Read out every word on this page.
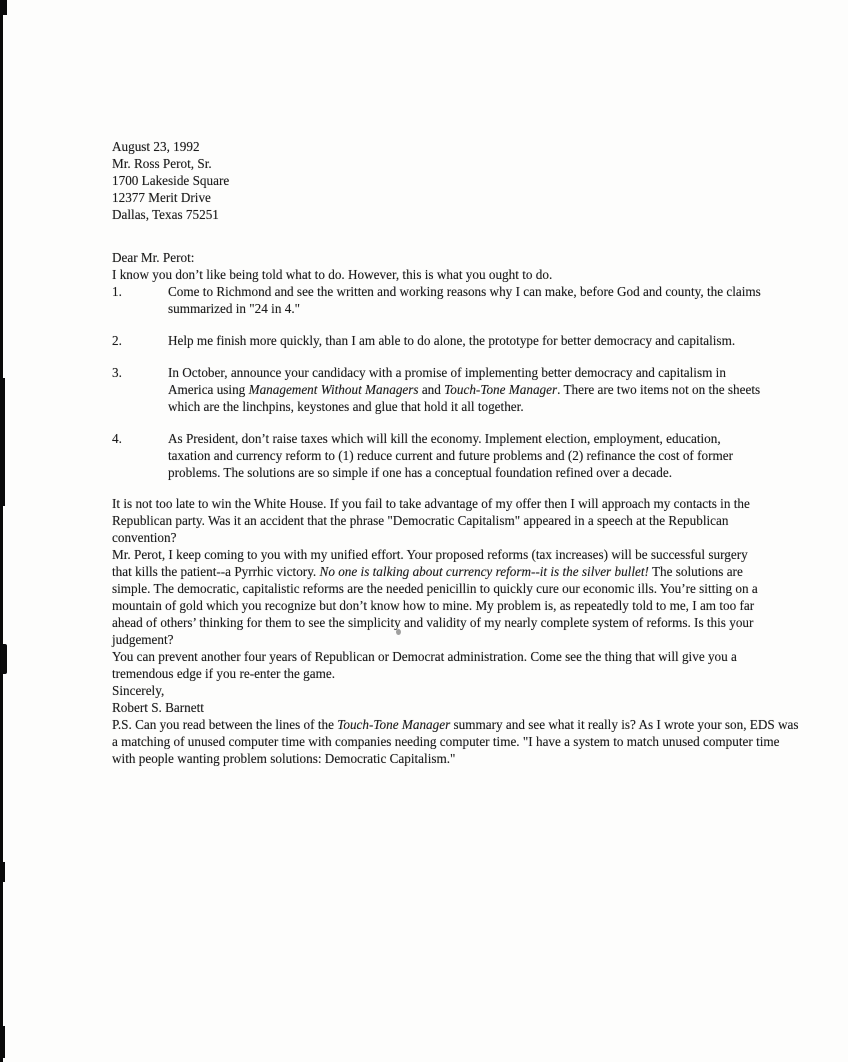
August 23, 1992

Mr. Ross Perot, Sr.

1700 Lakeside Square

12377 Merit Drive

Dallas, Texas 75251

Dear Mr. Perot:

I know you don’t like being told what to do. However, this is what you ought to do.

1.	Come to Richmond and see the written and working reasons why I can make, before God and county, the claims summarized in "24 in 4."
2.	Help me finish more quickly, than I am able to do alone, the prototype for better democracy and capitalism.
3.	In October, announce your candidacy with a promise of implementing better democracy and capitalism in America using Management Without Managers and Touch-Tone Manager. There are two items not on the sheets which are the linchpins, keystones and glue that hold it all together.
4.	As President, don’t raise taxes which will kill the economy. Implement election, employment, education, taxation and currency reform to (1) reduce current and future problems and (2) refinance the cost of former problems. The solutions are so simple if one has a conceptual foundation refined over a decade.

It is not too late to win the White House. If you fail to take advantage of my offer then I will approach my contacts in the Republican party. Was it an accident that the phrase "Democratic Capitalism" appeared in a speech at the Republican convention?

Mr. Perot, I keep coming to you with my unified effort. Your proposed reforms (tax increases) will be successful surgery that kills the patient--a Pyrrhic victory. No one is talking about currency reform--it is the silver bullet! The solutions are simple. The democratic, capitalistic reforms are the needed penicillin to quickly cure our economic ills. You’re sitting on a mountain of gold which you recognize but don’t know how to mine. My problem is, as repeatedly told to me, I am too far ahead of others’ thinking for them to see the simplicity and validity of my nearly complete system of reforms. Is this your judgement?

You can prevent another four years of Republican or Democrat administration. Come see the thing that will give you a tremendous edge if you re-enter the game.

Sincerely,

Robert S. Barnett

P.S. Can you read between the lines of the Touch-Tone Manager summary and see what it really is? As I wrote your son, EDS was a matching of unused computer time with companies needing computer time. "I have a system to match unused computer time with people wanting problem solutions: Democratic Capitalism."
